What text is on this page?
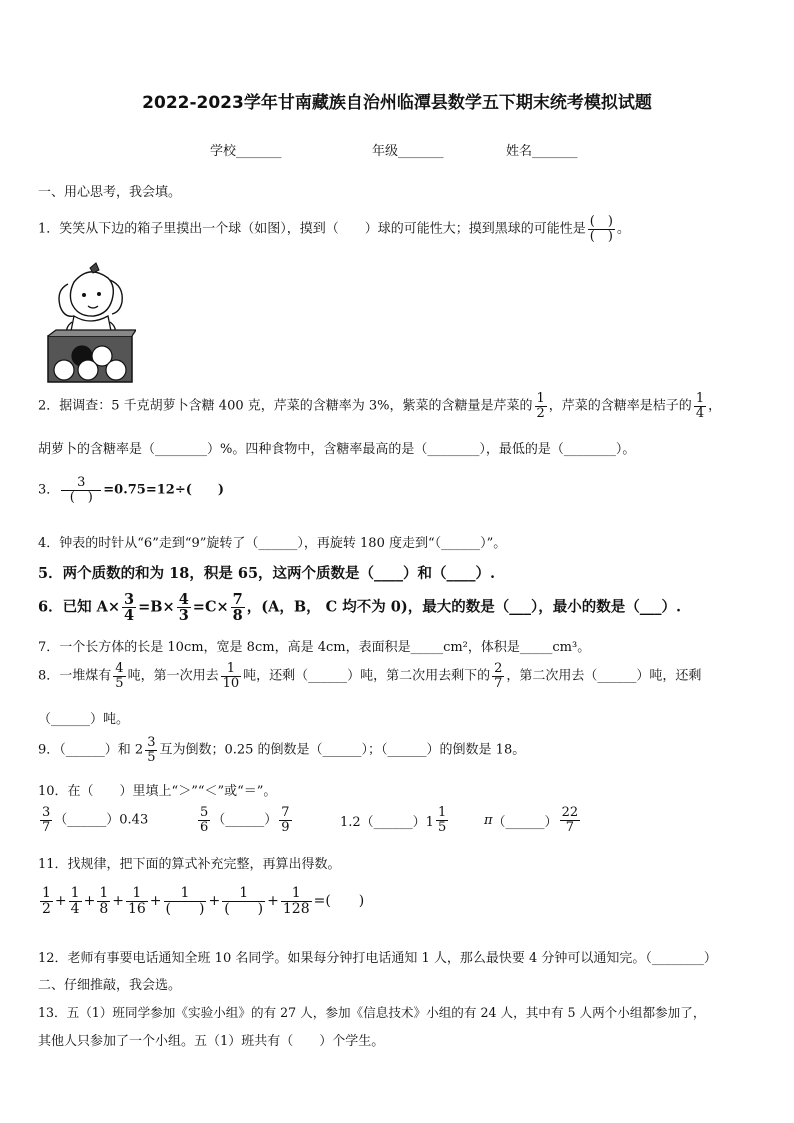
2022-2023学年甘南藏族自治州临潭县数学五下期末统考模拟试题
学校_______	年级_______	姓名_______
一、用心思考，我会填。
1．笑笑从下边的箱子里摸出一个球（如图），摸到（　　）球的可能性大；摸到黑球的可能性是 $\frac{( )}{( )}$ 。
2．据调查：5 千克胡萝卜含糖 400 克，芹菜的含糖率为 3%，紫菜的含糖量是芹菜的 $\frac{1}{2}$ ，芹菜的含糖率是桔子的 $\frac{1}{4}$ ，
胡萝卜的含糖率是（________）%。四种食物中，含糖率最高的是（________），最低的是（________）。
3． $\frac{3}{( )} =0.75=12\div$(　　)
4．钟表的时针从“6”走到“9”旋转了（______），再旋转 180 度走到“（______）”。
5．两个质数的和为 18，积是 65，这两个质数是（____）和（____）.
6．已知 $A\times \frac{3}{4} =B\times \frac{4}{3} =C\times \frac{7}{8}$ ，(A，B， C 均不为 0)，最大的数是（___），最小的数是（___）.
7．一个长方体的长是 10cm，宽是 8cm，高是 4cm，表面积是_____cm²，体积是_____cm³。
8．一堆煤有 $\frac{4}{5}$ 吨，第一次用去 $\frac{1}{10}$ 吨，还剩（______）吨，第二次用去剩下的 $\frac{2}{7}$ ，第二次用去（______）吨，还剩
（______）吨。
9．（______）和 $2 \frac{3}{5}$ 互为倒数；0.25 的倒数是（______）；（______）的倒数是 18。
10．在（　　）里填上“＞”“＜”或“＝”。
$\frac{3}{7}$ （______）0.43	$\frac{5}{6}$ （______） $\frac{7}{9}$	1.2（______）1 $\frac{1}{5}$	π（______） $\frac{22}{7}$
11．找规律，把下面的算式补充完整，再算出得数。
$\frac{1}{2} + \frac{1}{4} + \frac{1}{8} + \frac{1}{16} + \frac{1}{( )} + \frac{1}{( )} + \frac{1}{128}$ =(　　)
12．老师有事要电话通知全班 10 名同学。如果每分钟打电话通知 1 人，那么最快要 4 分钟可以通知完。（________）
二、仔细推敲，我会选。
13．五（1）班同学参加《实验小组》的有 27 人，参加《信息技术》小组的有 24 人，其中有 5 人两个小组都参加了，
其他人只参加了一个小组。五（1）班共有（　　）个学生。
